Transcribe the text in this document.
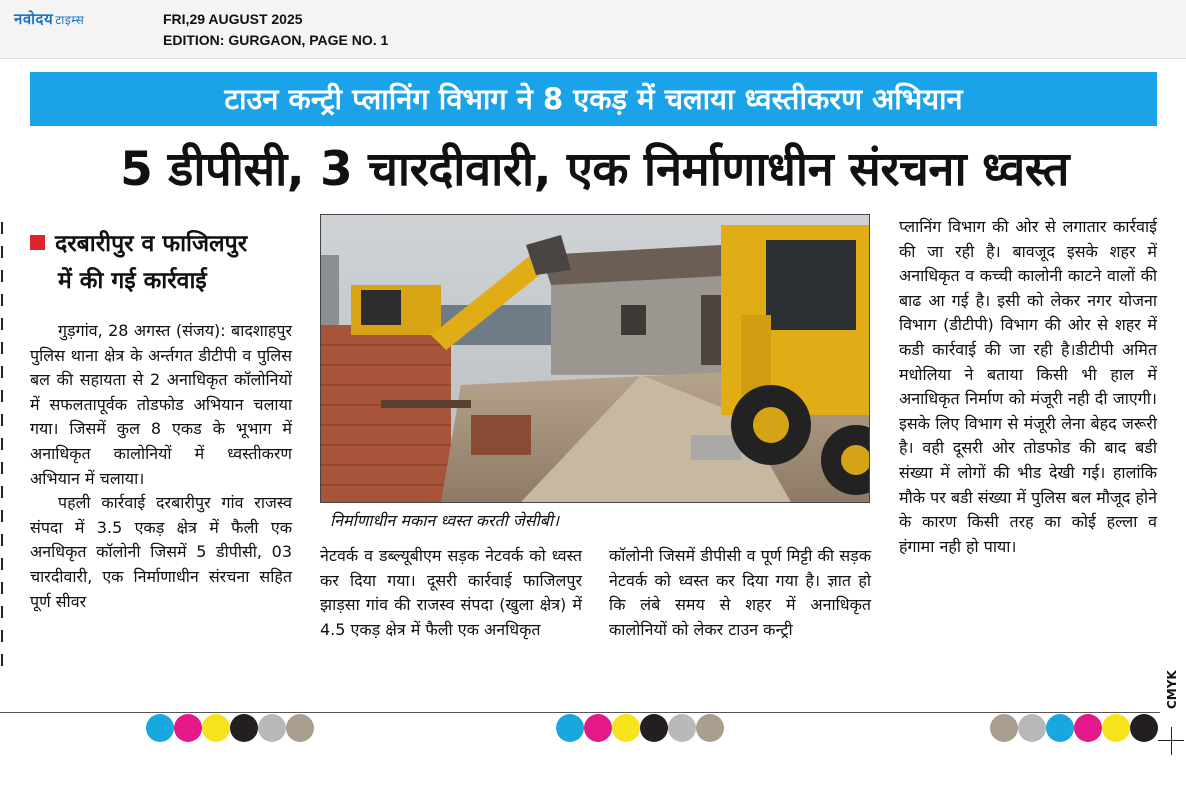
नवोदय टाइम्स	FRI,29 AUGUST 2025
EDITION: GURGAON, PAGE NO. 1
टाउन कन्ट्री प्लानिंग विभाग ने 8 एकड़ में चलाया ध्वस्तीकरण अभियान
5 डीपीसी, 3 चारदीवारी, एक निर्माणाधीन संरचना ध्वस्त
दरबारीपुर व फाजिलपुर
में की गई कार्रवाई

गुड़गांव, 28 अगस्त (संजय): बादशाहपुर पुलिस थाना क्षेत्र के अर्न्तगत डीटीपी व पुलिस बल की सहायता से 2 अनाधिकृत कॉलोनियों में सफलतापूर्वक तोडफोड अभियान चलाया गया। जिसमें कुल 8 एकड के भूभाग में अनाधिकृत कालोनियों में ध्वस्तीकरण अभियान में चलाया।

पहली कार्रवाई दरबारीपुर गांव राजस्व संपदा में 3.5 एकड़ क्षेत्र में फैली एक अनधिकृत कॉलोनी जिसमें 5 डीपीसी, 03 चारदीवारी, एक निर्माणाधीन संरचना सहित पूर्ण सीवर

निर्माणाधीन मकान ध्वस्त करती जेसीबी।
नेटवर्क व डब्ल्यूबीएम सड़क नेटवर्क को ध्वस्त कर दिया गया। दूसरी कार्रवाई फाजिलपुर झाड़सा गांव की राजस्व संपदा (खुला क्षेत्र) में 4.5 एकड़ क्षेत्र में फैली एक अनधिकृत
कॉलोनी जिसमें डीपीसी व पूर्ण मिट्टी की सड़क नेटवर्क को ध्वस्त कर दिया गया है। ज्ञात हो कि लंबे समय से शहर में अनाधिकृत कालोनियों को लेकर टाउन कन्ट्री
प्लानिंग विभाग की ओर से लगातार कार्रवाई की जा रही है। बावजूद इसके शहर में अनाधिकृत व कच्ची कालोनी काटने वालों की बाढ आ गई है। इसी को लेकर नगर योजना विभाग (डीटीपी) विभाग की ओर से शहर में कडी कार्रवाई की जा रही है।डीटीपी अमित मधोलिया ने बताया किसी भी हाल में अनाधिकृत निर्माण को मंजूरी नही दी जाएगी।इसके लिए विभाग से मंजूरी लेना बेहद जरूरी है। वही दूसरी ओर तोडफोड की बाद बडी संख्या में लोगों की भीड देखी गई। हालांकि मौके पर बडी संख्या में पुलिस बल मौजूद होने के कारण किसी तरह का कोई हल्ला व हंगामा नही हो पाया।
CMYK
